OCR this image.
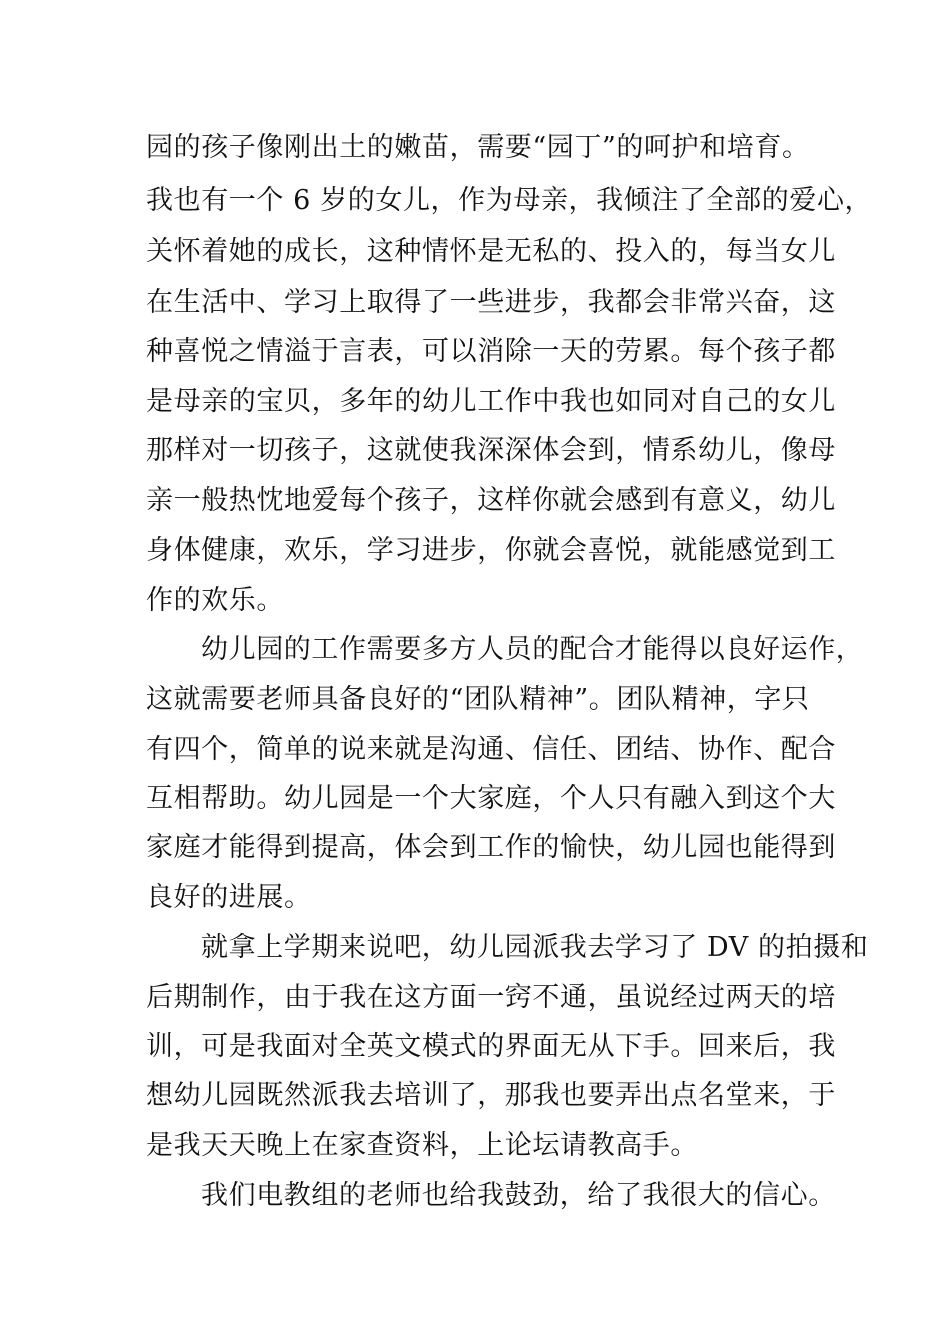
园的孩子像刚出土的嫩苗，需要“园丁”的呵护和培育。

我也有一个 6 岁的女儿，作为母亲，我倾注了全部的爱心，

关怀着她的成长，这种情怀是无私的、投入的，每当女儿

在生活中、学习上取得了一些进步，我都会非常兴奋，这

种喜悦之情溢于言表，可以消除一天的劳累。每个孩子都

是母亲的宝贝，多年的幼儿工作中我也如同对自己的女儿

那样对一切孩子，这就使我深深体会到，情系幼儿，像母

亲一般热忱地爱每个孩子，这样你就会感到有意义，幼儿

身体健康，欢乐，学习进步，你就会喜悦，就能感觉到工

作的欢乐。

幼儿园的工作需要多方人员的配合才能得以良好运作，

这就需要老师具备良好的“团队精神”。团队精神，字只

有四个，简单的说来就是沟通、信任、团结、协作、配合

互相帮助。幼儿园是一个大家庭，个人只有融入到这个大

家庭才能得到提高，体会到工作的愉快，幼儿园也能得到

良好的进展。

就拿上学期来说吧，幼儿园派我去学习了 DV 的拍摄和

后期制作，由于我在这方面一窍不通，虽说经过两天的培

训，可是我面对全英文模式的界面无从下手。回来后，我

想幼儿园既然派我去培训了，那我也要弄出点名堂来，于

是我天天晚上在家查资料，上论坛请教高手。

我们电教组的老师也给我鼓劲，给了我很大的信心。
